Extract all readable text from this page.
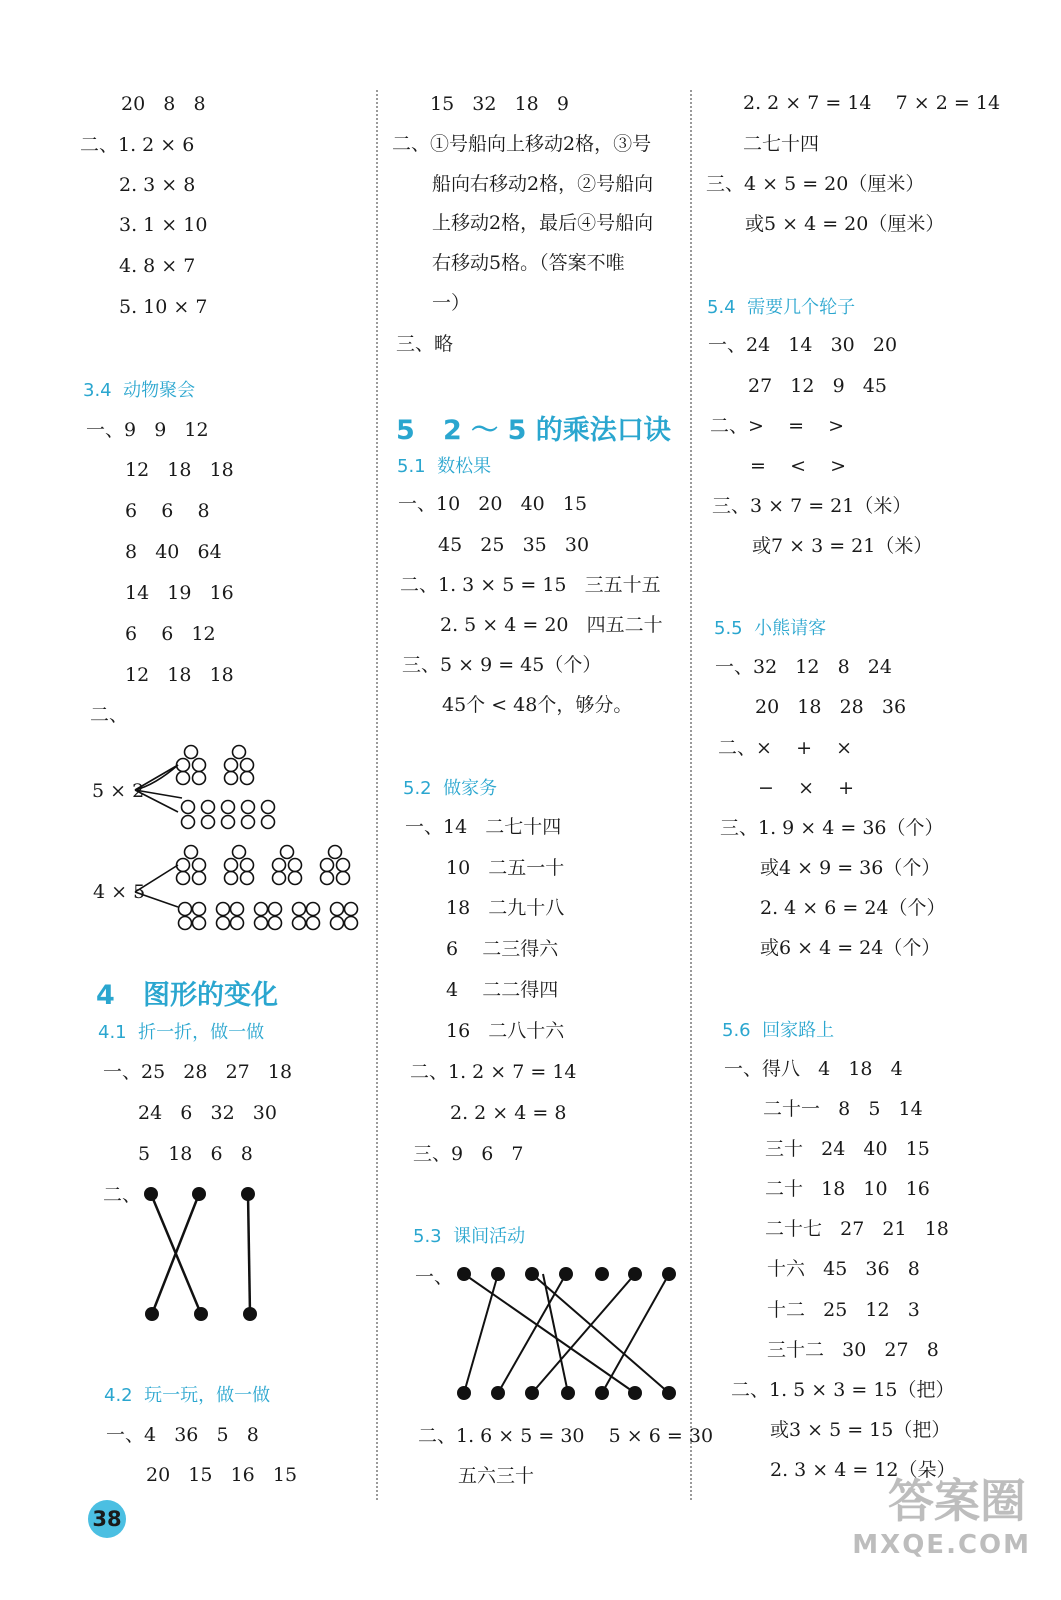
20   8   8
二、1. 2 × 6
2. 3 × 8
3. 1 × 10
4. 8 × 7
5. 10 × 7
3.4  动物聚会
一、9   9   12
12   18   18
6    6    8
8   40   64
14   19   16
6    6   12
12   18   18
二、
5 × 2
4 × 5
4   图形的变化
4.1  折一折，做一做
一、25   28   27   18
24   6   32   30
5   18   6   8
二、
4.2  玩一玩，做一做
一、4   36   5   8
20   15   16   15
15   32   18   9
二、①号船向上移动2格，③号
船向右移动2格，②号船向
上移动2格，最后④号船向
右移动5格。（答案不唯
一）
三、略
5   2 ～ 5 的乘法口诀
5.1  数松果
一、10   20   40   15
45   25   35   30
二、1. 3 × 5 = 15   三五十五
2. 5 × 4 = 20   四五二十
三、5 × 9 = 45（个）
45个 < 48个，够分。
5.2  做家务
一、14   二七十四
10   二五一十
18   二九十八
6    二三得六
4    二二得四
16   二八十六
二、1. 2 × 7 = 14
2. 2 × 4 = 8
三、9   6   7
5.3  课间活动
一、
二、1. 6 × 5 = 30    5 × 6 = 30
五六三十
2. 2 × 7 = 14    7 × 2 = 14
二七十四
三、4 × 5 = 20（厘米）
或5 × 4 = 20（厘米）
5.4  需要几个轮子
一、24   14   30   20
27   12   9   45
二、>    =    >
=    <    >
三、3 × 7 = 21（米）
或7 × 3 = 21（米）
5.5  小熊请客
一、32   12   8   24
20   18   28   36
二、×    +    ×
−    ×    +
三、1. 9 × 4 = 36（个）
或4 × 9 = 36（个）
2. 4 × 6 = 24（个）
或6 × 4 = 24（个）
5.6  回家路上
一、得八   4   18   4
二十一   8   5   14
三十   24   40   15
二十   18   10   16
二十七   27   21   18
十六   45   36   8
十二   25   12   3
三十二   30   27   8
二、1. 5 × 3 = 15（把）
或3 × 5 = 15（把）
2. 3 × 4 = 12（朵）
38	答案圈
MXQE.COM
